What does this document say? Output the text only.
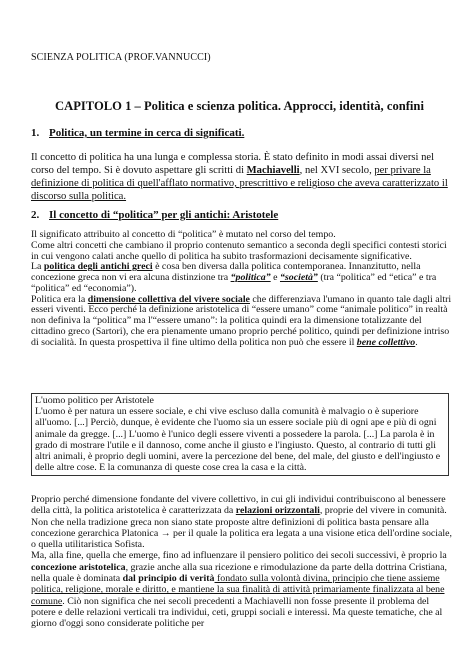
SCIENZA POLITICA (PROF.VANNUCCI)
CAPITOLO 1 – Politica e scienza politica. Approcci, identità, confini
1. Politica, un termine in cerca di significati.
Il concetto di politica ha una lunga e complessa storia. È stato definito in modi assai diversi nel corso del tempo. Si è dovuto aspettare gli scritti di Machiavelli, nel XVI secolo, per privare la definizione di politica di quell'afflato normativo, prescrittivo e religioso che aveva caratterizzato il discorso sulla politica.
2. Il concetto di “politica” per gli antichi: Aristotele
Il significato attribuito al concetto di “politica” è mutato nel corso del tempo.
Come altri concetti che cambiano il proprio contenuto semantico a seconda degli specifici contesti storici in cui vengono calati anche quello di politica ha subito trasformazioni decisamente significative.
La politica degli antichi greci è cosa ben diversa dalla politica contemporanea. Innanzitutto, nella concezione greca non vi era alcuna distinzione tra “politica” e “società” (tra “politica” ed “etica” e tra “politica” ed “economia”).
Politica era la dimensione collettiva del vivere sociale che differenziava l'umano in quanto tale dagli altri esseri viventi. Ecco perché la definizione aristotelica di “essere umano” come “animale politico” in realtà non definiva la “politica” ma l'“essere umano”: la politica quindi era la dimensione totalizzante del cittadino greco (Sartori), che era pienamente umano proprio perché politico, quindi per definizione intriso di socialità. In questa prospettiva il fine ultimo della politica non può che essere il bene collettivo.
L'uomo politico per Aristotele
L'uomo è per natura un essere sociale, e chi vive escluso dalla comunità è malvagio o è superiore all'uomo. [...] Perciò, dunque, è evidente che l'uomo sia un essere sociale più di ogni ape e più di ogni animale da gregge. [...] L'uomo è l'unico degli essere viventi a possedere la parola. [...] La parola è in grado di mostrare l'utile e il dannoso, come anche il giusto e l'ingiusto. Questo, al contrario di tutti gli altri animali, è proprio degli uomini, avere la percezione del bene, del male, del giusto e dell'ingiusto e delle altre cose. E la comunanza di queste cose crea la casa e la città.
Proprio perché dimensione fondante del vivere collettivo, in cui gli individui contribuiscono al benessere della città, la politica aristotelica è caratterizzata da relazioni orizzontali, proprie del vivere in comunità. Non che nella tradizione greca non siano state proposte altre definizioni di politica basta pensare alla concezione gerarchica Platonica → per il quale la politica era legata a una visione etica dell'ordine sociale, o quella utilitaristica Sofista.
Ma, alla fine, quella che emerge, fino ad influenzare il pensiero politico dei secoli successivi, è proprio la concezione aristotelica, grazie anche alla sua ricezione e rimodulazione da parte della dottrina Cristiana, nella quale è dominata dal principio di verità fondato sulla volontà divina, principio che tiene assieme politica, religione, morale e diritto, e mantiene la sua finalità di attività primariamente finalizzata al bene comune. Ciò non significa che nei secoli precedenti a Machiavelli non fosse presente il problema del potere e delle relazioni verticali tra individui, ceti, gruppi sociali e interessi. Ma queste tematiche, che al giorno d'oggi sono considerate politiche per
